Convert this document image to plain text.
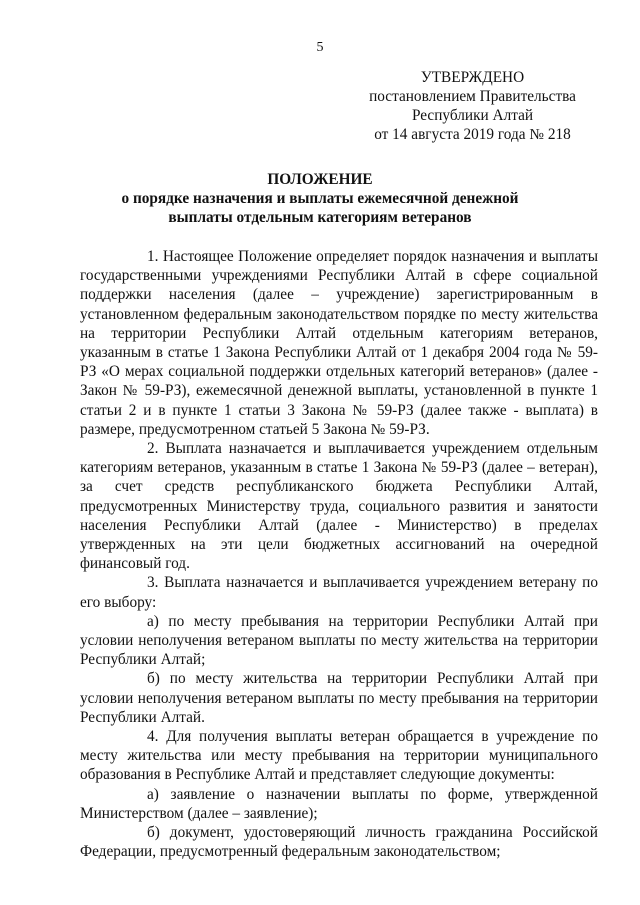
5
УТВЕРЖДЕНО
постановлением Правительства
Республики Алтай
от 14 августа 2019 года № 218
ПОЛОЖЕНИЕ
о порядке назначения и выплаты ежемесячной денежной
выплаты отдельным категориям ветеранов

1. Настоящее Положение определяет порядок назначения и выплаты государственными учреждениями Республики Алтай в сфере социальной поддержки населения (далее – учреждение) зарегистрированным в установленном федеральным законодательством порядке по месту жительства на территории Республики Алтай отдельным категориям ветеранов, указанным в статье 1 Закона Республики Алтай от 1 декабря 2004 года № 59-РЗ «О мерах социальной поддержки отдельных категорий ветеранов» (далее - Закон № 59-РЗ), ежемесячной денежной выплаты, установленной в пункте 1 статьи 2 и в пункте 1 статьи 3 Закона № 59-РЗ (далее также - выплата) в размере, предусмотренном статьей 5 Закона № 59-РЗ.

2. Выплата назначается и выплачивается учреждением отдельным категориям ветеранов, указанным в статье 1 Закона № 59-РЗ (далее – ветеран), за счет средств республиканского бюджета Республики Алтай, предусмотренных Министерству труда, социального развития и занятости населения Республики Алтай (далее - Министерство) в пределах утвержденных на эти цели бюджетных ассигнований на очередной финансовый год.

3. Выплата назначается и выплачивается учреждением ветерану по его выбору:

а) по месту пребывания на территории Республики Алтай при условии неполучения ветераном выплаты по месту жительства на территории Республики Алтай;

б) по месту жительства на территории Республики Алтай при условии неполучения ветераном выплаты по месту пребывания на территории Республики Алтай.

4. Для получения выплаты ветеран обращается в учреждение по месту жительства или месту пребывания на территории муниципального образования в Республике Алтай и представляет следующие документы:

а) заявление о назначении выплаты по форме, утвержденной Министерством (далее – заявление);

б) документ, удостоверяющий личность гражданина Российской Федерации, предусмотренный федеральным законодательством;
